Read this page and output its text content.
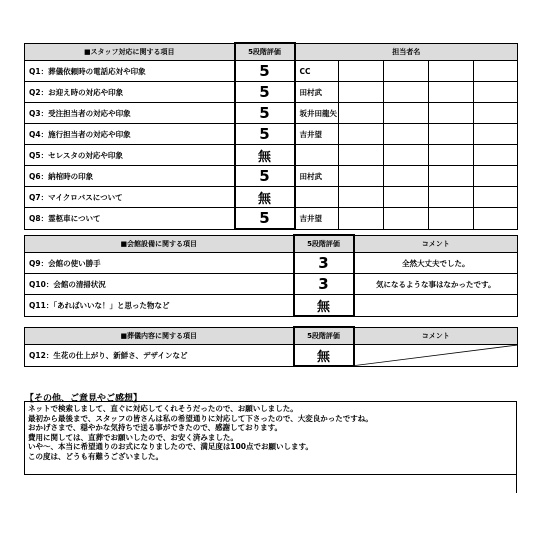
■スタッフ対応に関する項目	5段階評価	担当者名				
Q1：葬儀依頼時の電話応対や印象	5	CC				
Q2：お迎え時の対応や印象	5	田村武				
Q3：受注担当者の対応や印象	5	坂井田龍矢				
Q4：施行担当者の対応や印象	5	吉井望				
Q5：セレスタの対応や印象	無					
Q6：納棺時の印象	5	田村武				
Q7：マイクロバスについて	無					
Q8：霊柩車について	5	吉井望				
■会館設備に関する項目	5段階評価	コメント
Q9：会館の使い勝手	3	全然大丈夫でした。
Q10：会館の清掃状況	3	気になるような事はなかったです。
Q11：「あればいいな！」と思った物など	無	
■葬儀内容に関する項目	5段階評価	コメント
Q12：生花の仕上がり、新鮮さ、デザインなど	無	
【その他、ご意見やご感想】
ネットで検索しまして、直ぐに対応してくれそうだったので、お願いしました。
最初から最後まで、スタッフの皆さんは私の希望通りに対応して下さったので、大変良かったですね。
おかげさまで、穏やかな気持ちで送る事ができたので、感謝しております。
費用に関しては、直葬でお願いしたので、お安く済みました。
いや〜、本当に希望通りのお式になりましたので、満足度は100点でお願いします。
この度は、どうも有難うございました。
